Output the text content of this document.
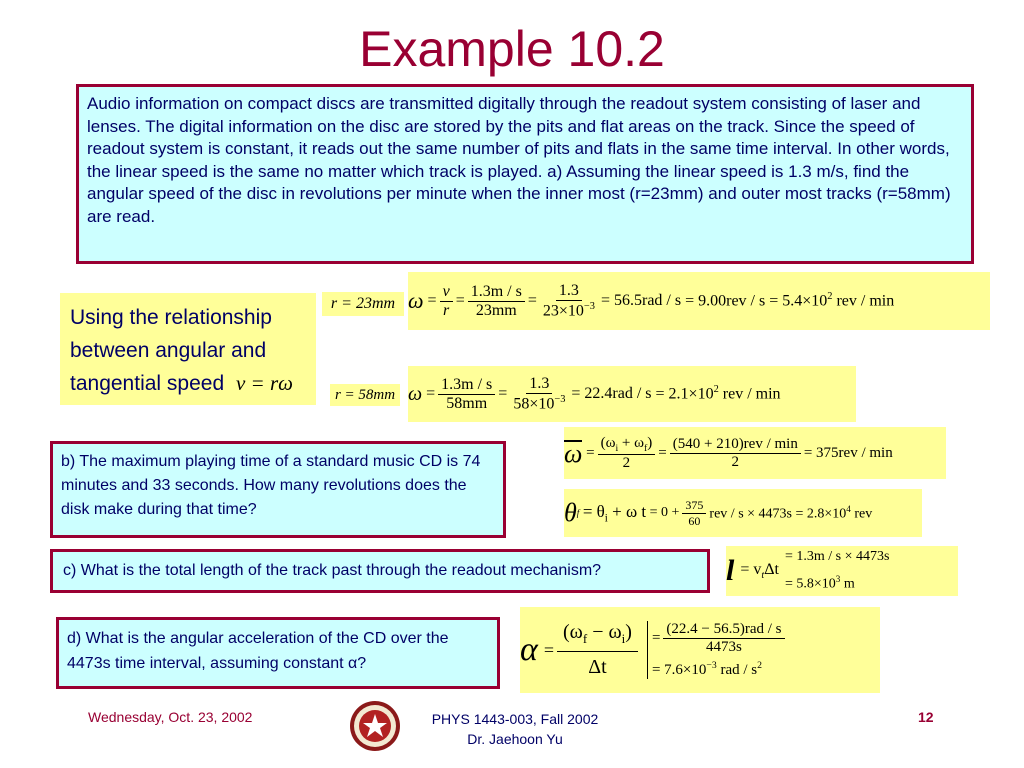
Example 10.2
Audio information on compact discs are transmitted digitally through the readout system consisting of laser and lenses. The digital information on the disc are stored by the pits and flat areas on the track. Since the speed of readout system is constant, it reads out the same number of pits and flats in the same time interval. In other words, the linear speed is the same no matter which track is played. a) Assuming the linear speed is 1.3 m/s, find the angular speed of the disc in revolutions per minute when the inner most (r=23mm) and outer most tracks (r=58mm) are read.
Using the relationship between angular and tangential speed v = rω
r = 23mm $\omega = \frac{v}{r} = \frac{1.3m / s}{23mm} = \frac{1.3}{23\times 10^{-3}} = 56.5rad / s = 9.00rev / s = 5.4\times 10^2$ rev / min
r = 58mm $\omega = \frac{1.3m / s}{58mm} = \frac{1.3}{58\times 10^{-3}} = 22.4rad / s = 2.1\times 10^2$ rev / min
b) The maximum playing time of a standard music CD is 74 minutes and 33 seconds. How many revolutions does the disk make during that time?
$\omega = \frac{(\omega_i + \omega_f)}{2} = \frac{\text{(540 + 210)rev / min}}{2} = 375rev / \min$
θ f
= $\theta_i + \omega$ t
= $0 + \frac{375}{60}$ rev / $s \times 4473s = 2.8\times 10^4$ rev
c) What is the total length of the track past through the readout mechanism?	$l = v_t\Delta t$
= 1.3m / s × 4473s
= $5.8\times 10^3$ m
d) What is the angular acceleration of the CD over the 4473s time interval, assuming constant α?	$\alpha = \frac{(\omega_f - \omega_i)}{\Delta t} = \frac{\text{(22.4 − 56.5)rad / s}}{4473s}$
= $7.6\times 10^{-3}$ rad / $s^2$
Wednesday, Oct. 23, 2002	PHYS 1443-003, Fall 2002
Dr. Jaehoon Yu
12
